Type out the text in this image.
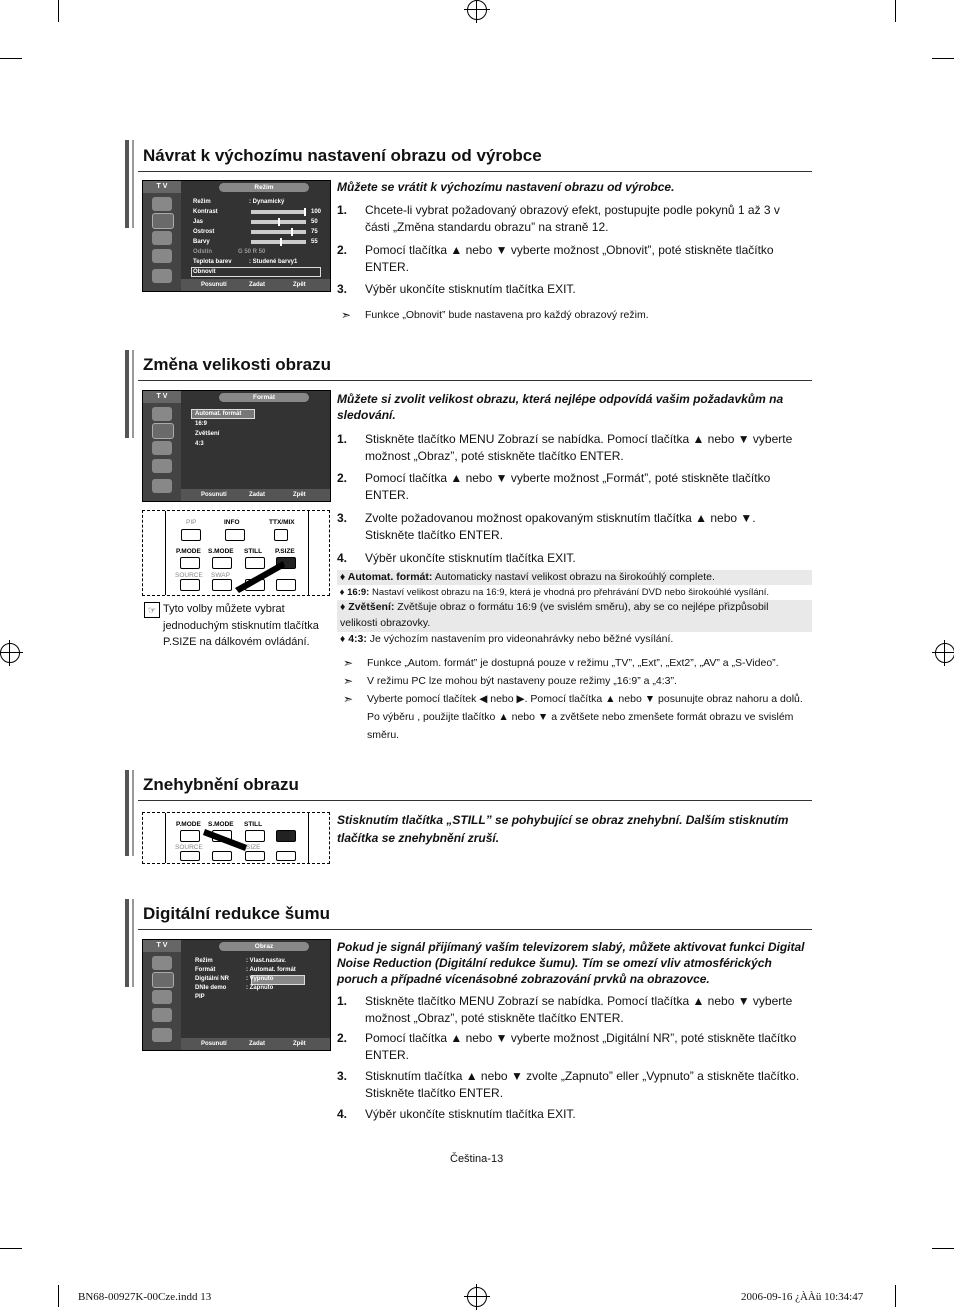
Návrat k výchozímu nastavení obrazu od výrobce
T V	Režim
Režim	: Dynamický
Kontrast	100
Jas	50
Ostrost	75
Barvy	55
Odstín	G 50 R 50
Teplota barev	: Studené barvy1
Obnovit
Posunutí	Zadat	Zpět
Můžete se vrátit k výchozímu nastavení obrazu od výrobce.
1. Chcete-li vybrat požadovaný obrazový efekt, postupujte podle pokynů 1 až 3 v části „Změna standardu obrazu” na straně 12.
2. Pomocí tlačítka ▲ nebo ▼ vyberte možnost „Obnovit”, poté stiskněte tlačítko ENTER.
3. Výběr ukončíte stisknutím tlačítka EXIT.
➣ Funkce „Obnovit” bude nastavena pro každý obrazový režim.
Změna velikosti obrazu
T V	Formát
Automat. formát
16:9
Zvětšení
4:3
Posunutí	Zadat	Zpět
PIP	INFO	TTX/MIX
P.MODE S.MODE STILL P.SIZE
SOURCE SWAP
☞ Tyto volby můžete vybrat jednoduchým stisknutím tlačítka P.SIZE na dálkovém ovládání.
Můžete si zvolit velikost obrazu, která nejlépe odpovídá vašim požadavkům na sledování.
1. Stiskněte tlačítko MENU Zobrazí se nabídka. Pomocí tlačítka ▲ nebo ▼ vyberte možnost „Obraz”, poté stiskněte tlačítko ENTER.
2. Pomocí tlačítka ▲ nebo ▼ vyberte možnost „Formát”, poté stiskněte tlačítko ENTER.
3. Zvolte požadovanou možnost opakovaným stisknutím tlačítka ▲ nebo ▼. Stiskněte tlačítko ENTER.
4. Výběr ukončíte stisknutím tlačítka EXIT.
♦ Automat. formát: Automaticky nastaví velikost obrazu na širokoúhlý complete.
♦ 16:9: Nastaví velikost obrazu na 16:9, která je vhodná pro přehrávání DVD nebo širokoúhlé vysílání.
♦ Zvětšení: Zvětšuje obraz o formátu 16:9 (ve svislém směru), aby se co nejlépe přizpůsobil velikosti obrazovky.
♦ 4:3: Je výchozím nastavením pro videonahrávky nebo běžné vysílání.
➣ Funkce „Autom. formát” je dostupná pouze v režimu „TV”, „Ext”, „Ext2”, „AV” a „S-Video”.
➣ V režimu PC lze mohou být nastaveny pouze režimy „16:9” a „4:3”.
➣ Vyberte pomocí tlačítek ◀ nebo ▶. Pomocí tlačítka ▲ nebo ▼ posunujte obraz nahoru a dolů. Po výběru , použijte tlačítko ▲ nebo ▼ a zvětšete nebo zmenšete formát obrazu ve svislém směru.
Znehybnění obrazu
P.MODE S.MODE STILL
SOURCE	SIZE
Stisknutím tlačítka „STILL” se pohybující se obraz znehybní. Dalším stisknutím tlačítka se znehybnění zruší.
Digitální redukce šumu
T V	Obraz
Režim	: Vlast.nastav.
Formát	: Automat. formát
Digitální NR	: Vypnuto
DNIe demo	: Zapnuto
PIP
Posunutí	Zadat	Zpět
Pokud je signál přijímaný vaším televizorem slabý, můžete aktivovat funkci Digital Noise Reduction (Digitální redukce šumu). Tím se omezí vliv atmosférických poruch a případné vícenásobné zobrazování prvků na obrazovce.
1. Stiskněte tlačítko MENU Zobrazí se nabídka. Pomocí tlačítka ▲ nebo ▼ vyberte možnost „Obraz”, poté stiskněte tlačítko ENTER.
2. Pomocí tlačítka ▲ nebo ▼ vyberte možnost „Digitální NR”, poté stiskněte tlačítko ENTER.
3. Stisknutím tlačítka ▲ nebo ▼ zvolte „Zapnuto” eller „Vypnuto” a stiskněte tlačítko. Stiskněte tlačítko ENTER.
4. Výběr ukončíte stisknutím tlačítka EXIT.
Čeština-13
BN68-00927K-00Cze.indd 13	2006-09-16 ¿ÀÀü 10:34:47
